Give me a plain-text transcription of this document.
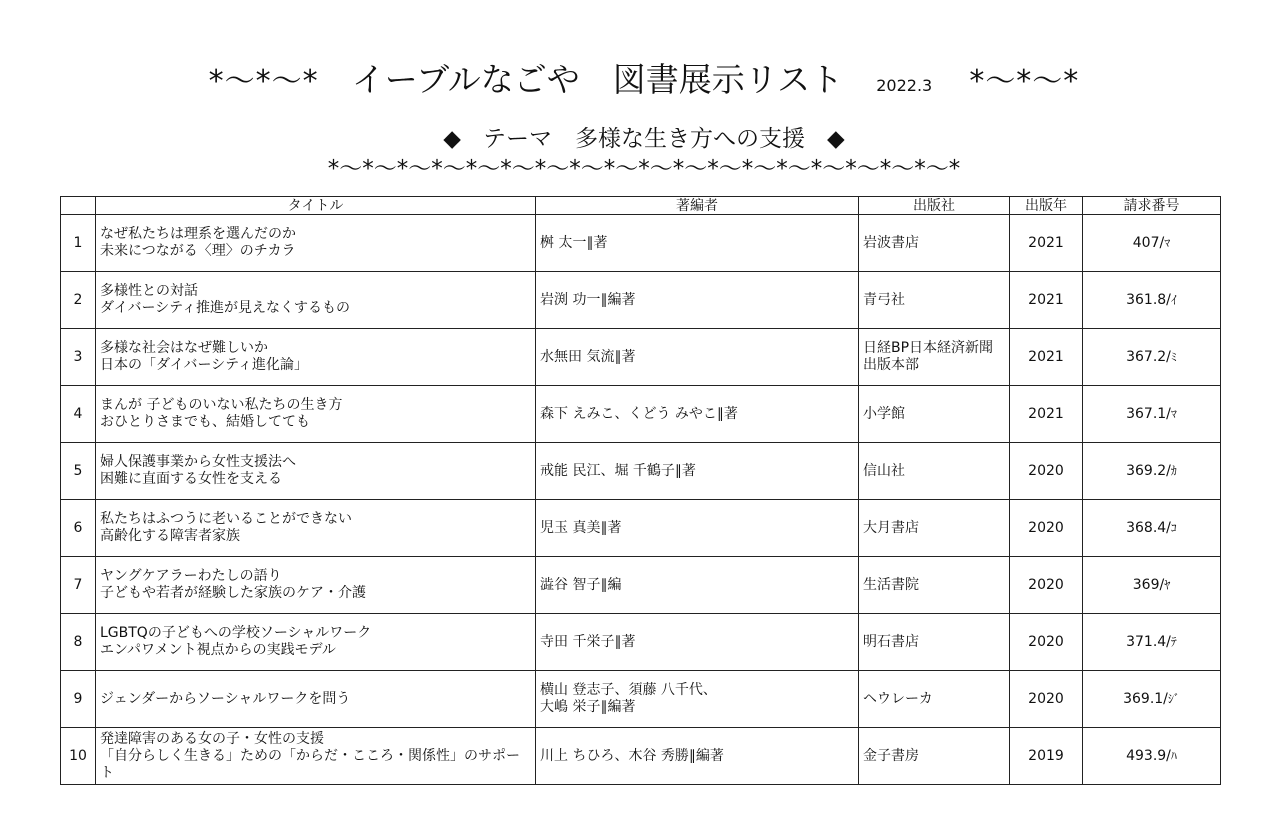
*〜*〜* イーブルなごや　図書展示リスト 2022.3 *〜*〜*
◆ テーマ　多様な生き方への支援 ◆
*〜*〜*〜*〜*〜*〜*〜*〜*〜*〜*〜*〜*〜*〜*〜*〜*〜*〜*
	タイトル	著編者	出版社	出版年	請求番号
1	なぜ私たちは理系を選んだのか
未来につながる〈理〉のチカラ	桝 太一∥著	岩波書店	2021	407/ﾏ
2	多様性との対話
ダイバーシティ推進が見えなくするもの	岩渕 功一∥編著	青弓社	2021	361.8/ｲ
3	多様な社会はなぜ難しいか
日本の「ダイバーシティ進化論」	水無田 気流∥著	日経BP日本経済新聞
出版本部	2021	367.2/ﾐ
4	まんが 子どものいない私たちの生き方
おひとりさまでも、結婚してても	森下 えみこ、くどう みやこ∥著	小学館	2021	367.1/ﾏ
5	婦人保護事業から女性支援法へ
困難に直面する女性を支える	戒能 民江、堀 千鶴子∥著	信山社	2020	369.2/ｶ
6	私たちはふつうに老いることができない
高齢化する障害者家族	児玉 真美∥著	大月書店	2020	368.4/ｺ
7	ヤングケアラーわたしの語り
子どもや若者が経験した家族のケア・介護	澁谷 智子∥編	生活書院	2020	369/ﾔ
8	LGBTQの子どもへの学校ソーシャルワーク
エンパワメント視点からの実践モデル	寺田 千栄子∥著	明石書店	2020	371.4/ﾃ
9	ジェンダーからソーシャルワークを問う	横山 登志子、須藤 八千代、
大嶋 栄子∥編著	ヘウレーカ	2020	369.1/ｼﾞ
10	発達障害のある女の子・女性の支援
「自分らしく生きる」ための「からだ・こころ・関係性」のサポート	川上 ちひろ、木谷 秀勝∥編著	金子書房	2019	493.9/ﾊ
